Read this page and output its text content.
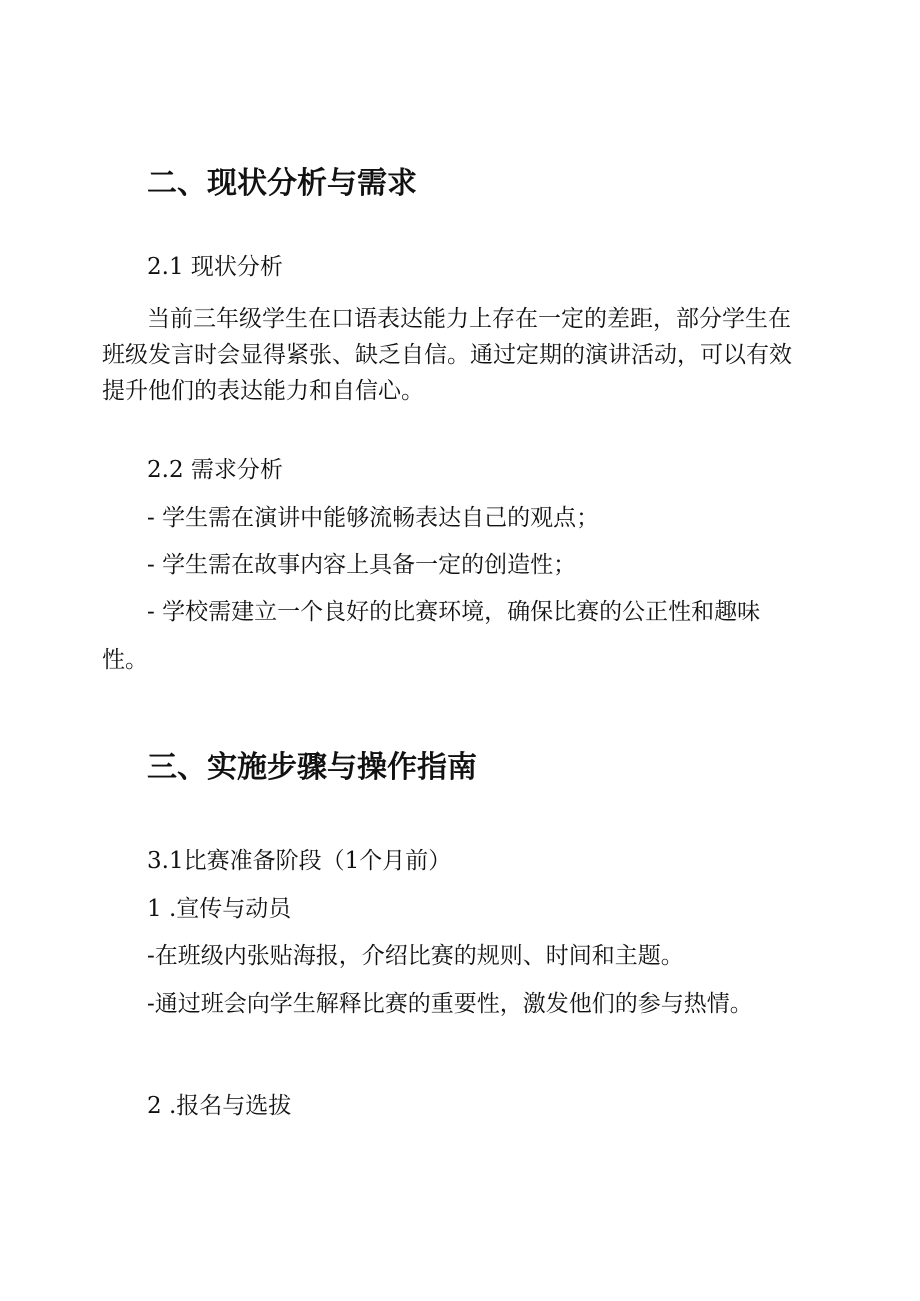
二、现状分析与需求
2.1 现状分析

当前三年级学生在口语表达能力上存在一定的差距，部分学生在班级发言时会显得紧张、缺乏自信。通过定期的演讲活动，可以有效提升他们的表达能力和自信心。

2.2 需求分析
- 学生需在演讲中能够流畅表达自己的观点；
- 学生需在故事内容上具备一定的创造性；
- 学校需建立一个良好的比赛环境，确保比赛的公正性和趣味
性。
三、实施步骤与操作指南
3.1比赛准备阶段（1个月前）
1 .宣传与动员
-在班级内张贴海报，介绍比赛的规则、时间和主题。
-通过班会向学生解释比赛的重要性，激发他们的参与热情。
2 .报名与选拔
